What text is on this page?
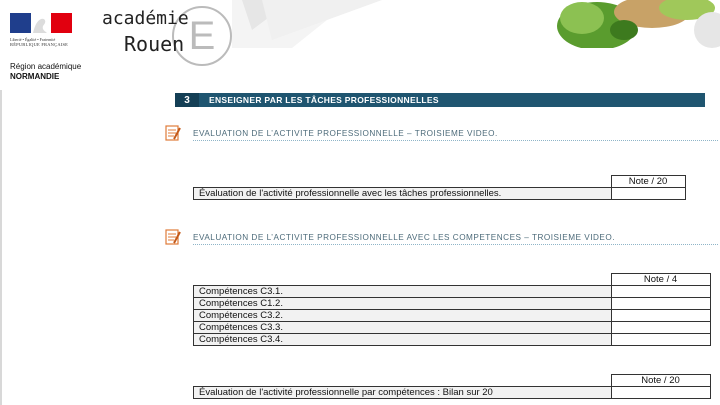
Liberté • Égalité • Fraternité
RÉPUBLIQUE FRANÇAISE
Région académique
NORMANDIE
E
académie
Rouen
3	ENSEIGNER PAR LES TÂCHES PROFESSIONNELLES
EVALUATION DE L’ACTIVITE PROFESSIONNELLE – TROISIEME VIDEO.
	Note / 20
Évaluation de l'activité professionnelle avec les tâches professionnelles.	
EVALUATION DE L’ACTIVITE PROFESSIONNELLE AVEC LES COMPETENCES – TROISIEME VIDEO.
	Note / 4
Compétences C3.1.	
Compétences C1.2.	
Compétences C3.2.	
Compétences C3.3.	
Compétences C3.4.	
	Note / 20
Évaluation de l'activité professionnelle par compétences : Bilan sur 20	
